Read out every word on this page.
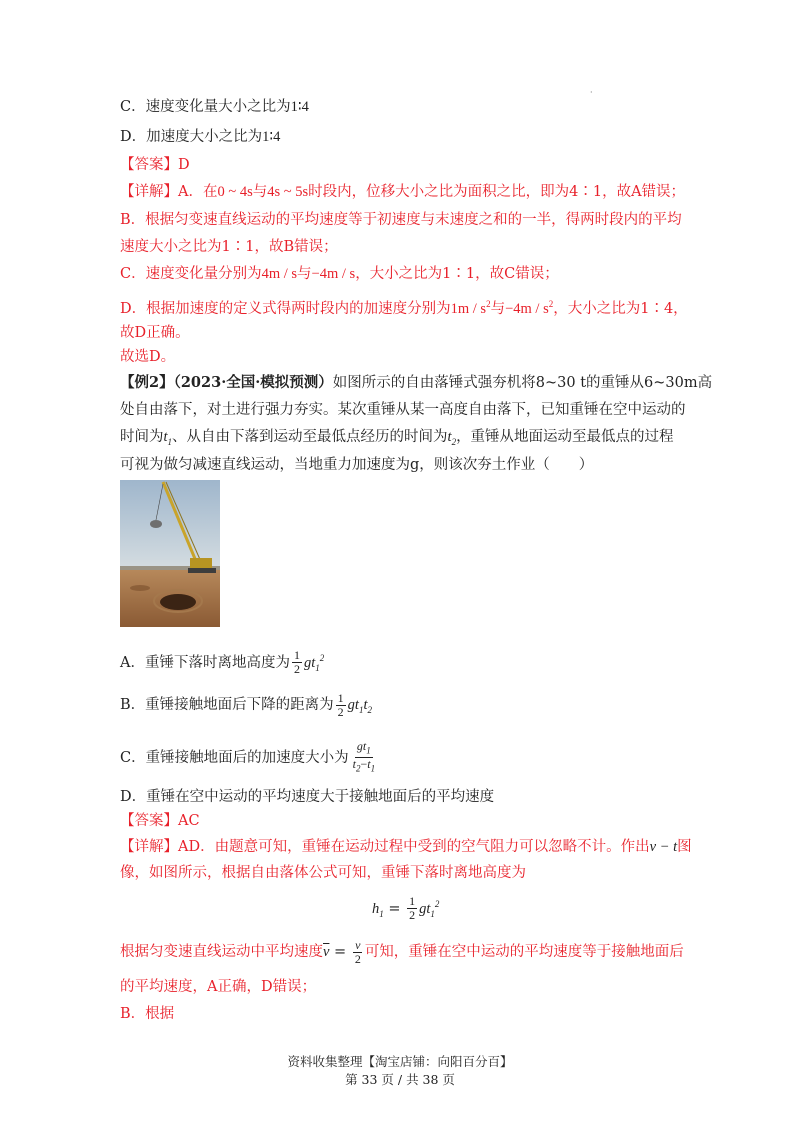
·
C．速度变化量大小之比为1∶4
D．加速度大小之比为1∶4
【答案】D
【详解】A．在0 ~ 4s与4s ~ 5s时段内，位移大小之比为面积之比，即为4∶1，故A错误；
B．根据匀变速直线运动的平均速度等于初速度与末速度之和的一半，得两时段内的平均
速度大小之比为1∶1，故B错误；
C．速度变化量分别为4m / s与−4m / s，大小之比为1∶1，故C错误；
D．根据加速度的定义式得两时段内的加速度分别为$1m / s^2$与$-4m / s^2$，大小之比为1∶4，
故D正确。
故选D。
【例2】（2023·全国·模拟预测）如图所示的自由落锤式强夯机将8~30 t的重锤从6~30m高
处自由落下，对土进行强力夯实。某次重锤从某一高度自由落下，已知重锤在空中运动的
时间为$t_1$、从自由下落到运动至最低点经历的时间为$t_2$，重锤从地面运动至最低点的过程
可视为做匀减速直线运动，当地重力加速度为g，则该次夯土作业（　　）
A．重锤下落时离地高度为 $\frac{1}{2} gt_1^2$
B．重锤接触地面后下降的距离为 $\frac{1}{2} gt_1t_2$
C．重锤接触地面后的加速度大小为 $\frac{gt_1}{t_2-t_1}$
D．重锤在空中运动的平均速度大于接触地面后的平均速度
【答案】AC
【详解】AD．由题意可知，重锤在运动过程中受到的空气阻力可以忽略不计。作出v − t图
像，如图所示，根据自由落体公式可知，重锤下落时离地高度为
$h_1 = \frac{1}{2} gt_1^2$
根据匀变速直线运动中平均速度$\overline{v} = \frac{v}{2}$ 可知，重锤在空中运动的平均速度等于接触地面后
的平均速度，A正确，D错误；
B．根据
资料收集整理【淘宝店铺：向阳百分百】
第 33 页 / 共 38 页
